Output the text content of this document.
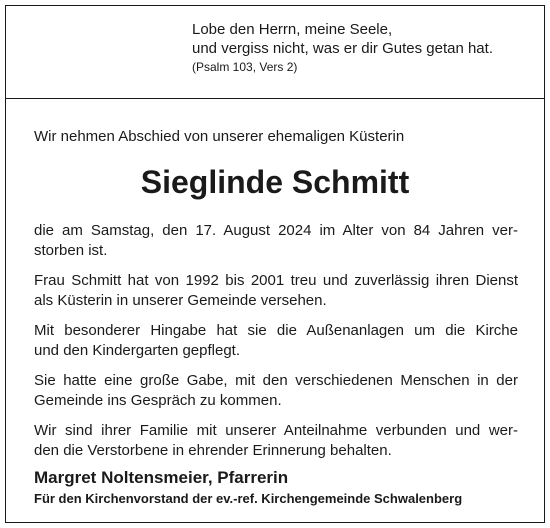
Lobe den Herrn, meine Seele,
und vergiss nicht, was er dir Gutes getan hat.
(Psalm 103, Vers 2)
Wir nehmen Abschied von unserer ehemaligen Küsterin
Sieglinde Schmitt

die am Samstag, den 17. August 2024 im Alter von 84 Jahren ver-
storben ist.

Frau Schmitt hat von 1992 bis 2001 treu und zuverlässig ihren Dienst
als Küsterin in unserer Gemeinde versehen.

Mit besonderer Hingabe hat sie die Außenanlagen um die Kirche
und den Kindergarten gepflegt.

Sie hatte eine große Gabe, mit den verschiedenen Menschen in der
Gemeinde ins Gespräch zu kommen.

Wir sind ihrer Familie mit unserer Anteilnahme verbunden und wer-
den die Verstorbene in ehrender Erinnerung behalten.

Margret Noltensmeier, Pfarrerin
Für den Kirchenvorstand der ev.-ref. Kirchengemeinde Schwalenberg
